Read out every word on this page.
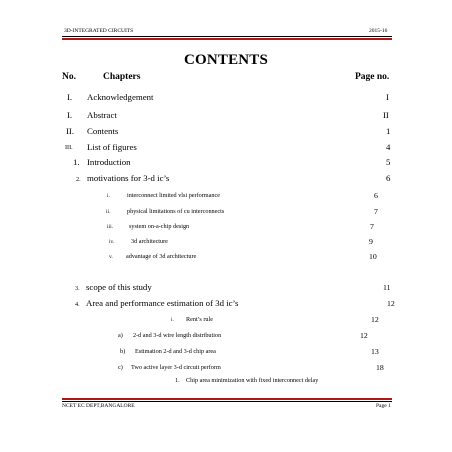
3D-INTEGRATED CIRCUITS	2015-16
CONTENTS
No.	Chapters	Page no.
I. Acknowledgement	I
I. Abstract	II
II. Contents	1
III. List of figures	4
1. Introduction	5
2. motivations for 3-d ic’s	6
i.	interconnect limited vlsi performance	6
ii.	physical limitations of cu interconnects	7
iii.	system on-a-chip design	7
iv.	3d architecture	9
v. advantage of 3d architecture	10
3. scope of this study	11
4. Area and performance estimation of 3d ic’s	12
i. Rent’s rule	12
a) 2-d and 3-d wire length distribution	12
b) Estimation 2-d and 3-d chip area	13
c) Two active layer 3-d circuit perform	18
1. Chip area minimization with fixed interconnect delay
NCET EC DEPT,BANGALORE	Page 1
